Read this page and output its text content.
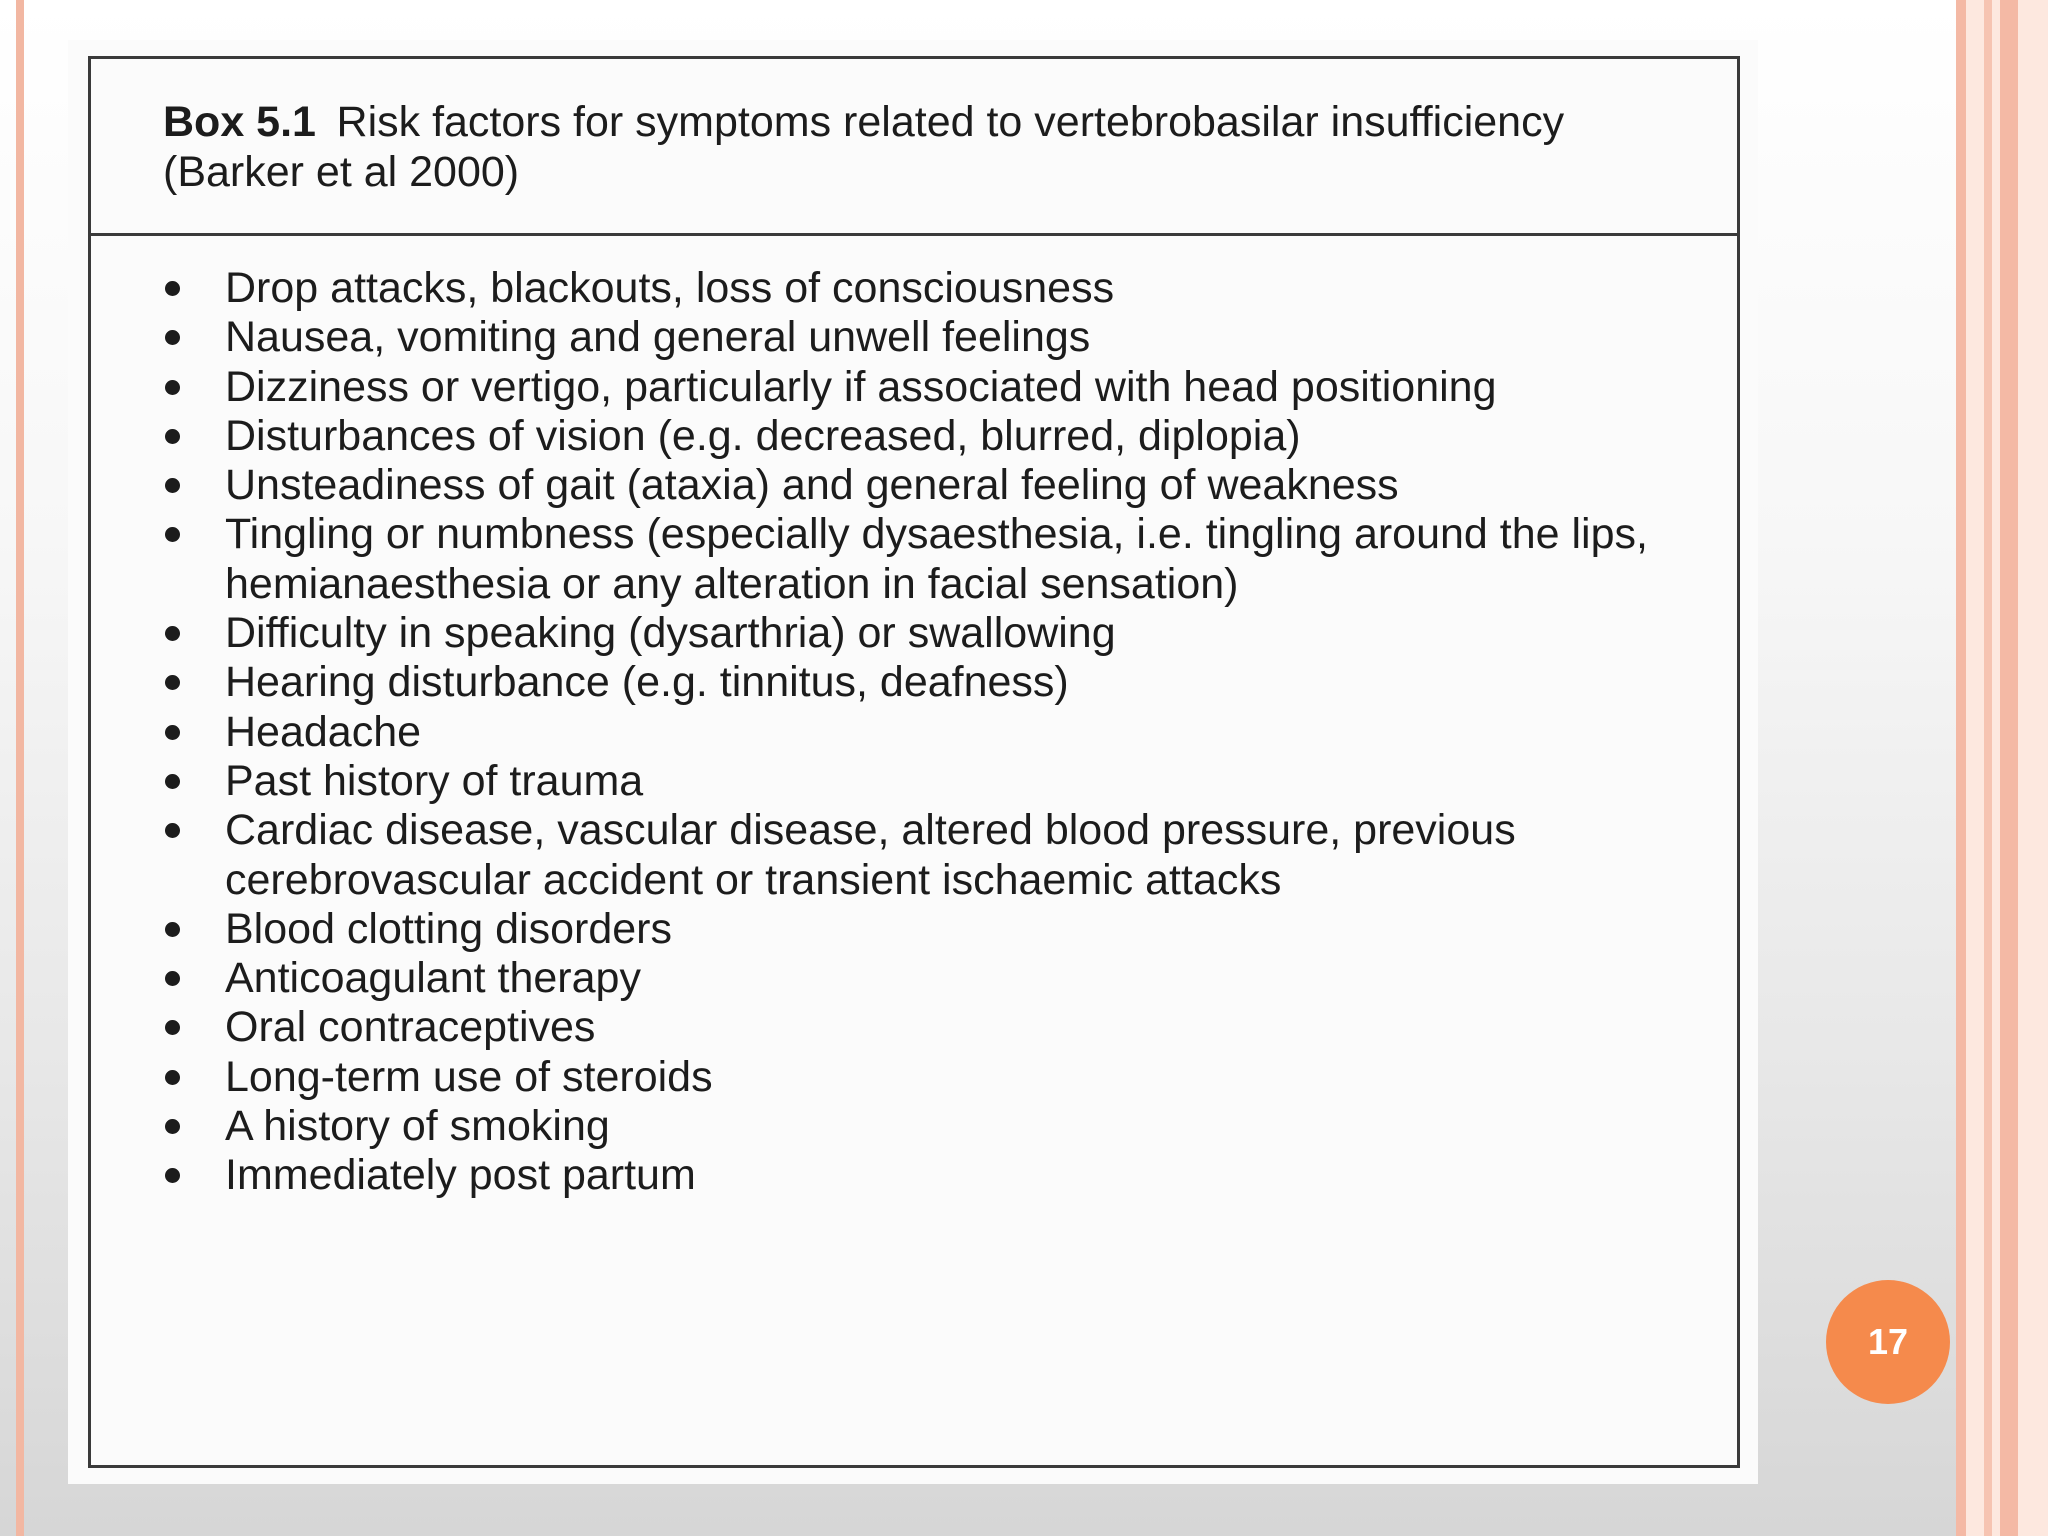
Box 5.1 Risk factors for symptoms related to vertebrobasilar insufficiency (Barker et al 2000)

Drop attacks, blackouts, loss of consciousness
Nausea, vomiting and general unwell feelings
Dizziness or vertigo, particularly if associated with head positioning
Disturbances of vision (e.g. decreased, blurred, diplopia)
Unsteadiness of gait (ataxia) and general feeling of weakness
Tingling or numbness (especially dysaesthesia, i.e. tingling around the lips, hemianaesthesia or any alteration in facial sensation)
Difficulty in speaking (dysarthria) or swallowing
Hearing disturbance (e.g. tinnitus, deafness)
Headache
Past history of trauma
Cardiac disease, vascular disease, altered blood pressure, previous cerebrovascular accident or transient ischaemic attacks
Blood clotting disorders
Anticoagulant therapy
Oral contraceptives
Long-term use of steroids
A history of smoking
Immediately post partum
17
